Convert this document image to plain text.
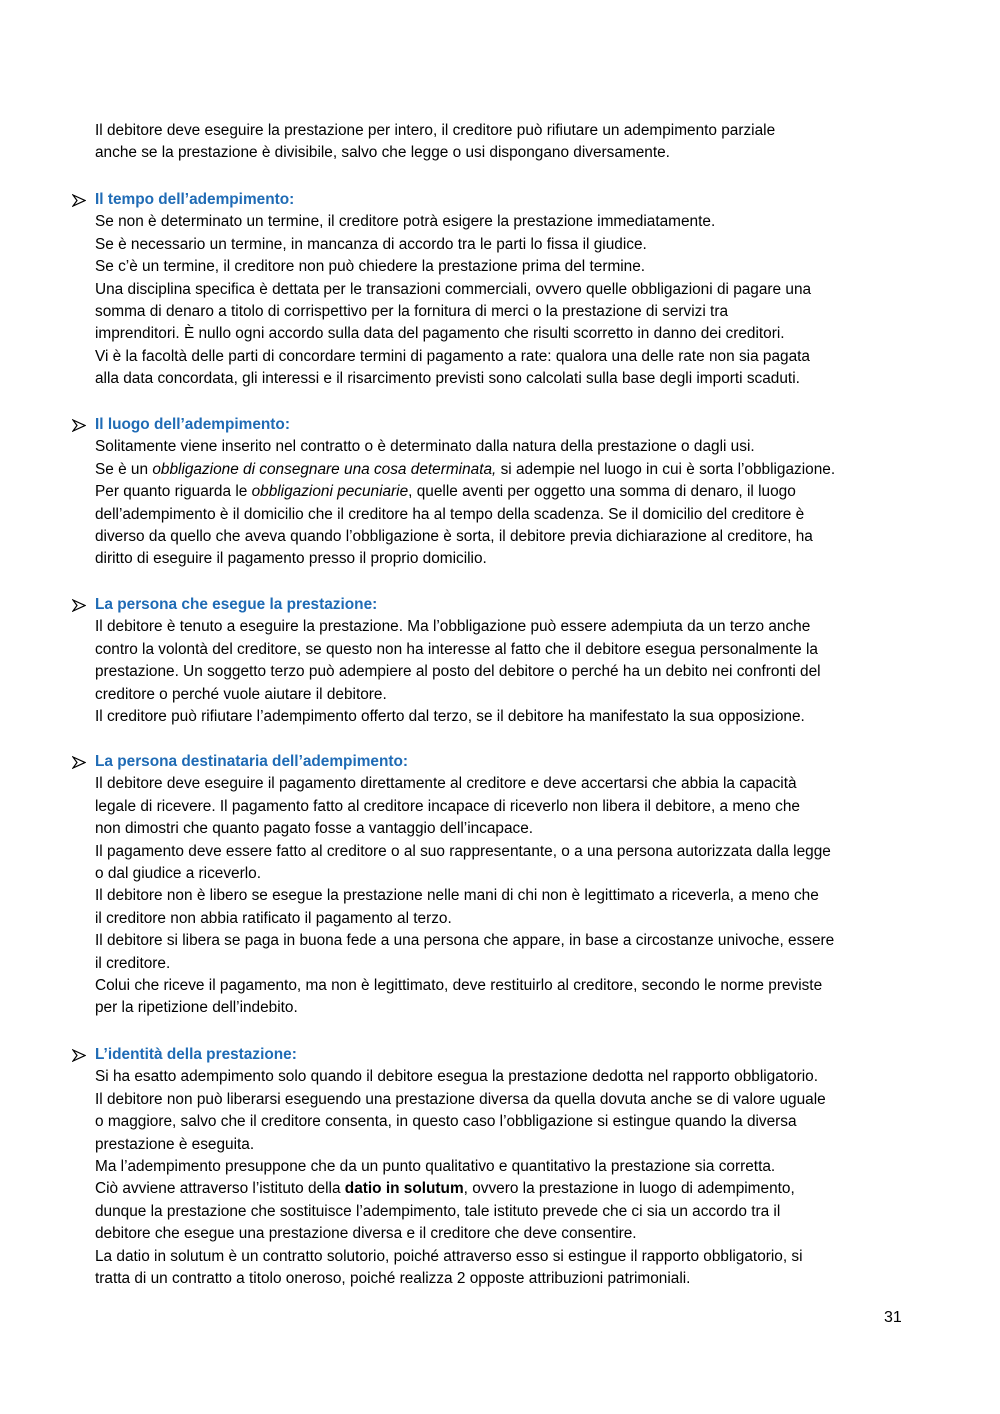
Il debitore deve eseguire la prestazione per intero, il creditore può rifiutare un adempimento parziale
anche se la prestazione è divisibile, salvo che legge o usi dispongano diversamente.
Il tempo dell’adempimento:
Se non è determinato un termine, il creditore potrà esigere la prestazione immediatamente.
Se è necessario un termine, in mancanza di accordo tra le parti lo fissa il giudice.
Se c’è un termine, il creditore non può chiedere la prestazione prima del termine.
Una disciplina specifica è dettata per le transazioni commerciali, ovvero quelle obbligazioni di pagare una
somma di denaro a titolo di corrispettivo per la fornitura di merci o la prestazione di servizi tra
imprenditori. È nullo ogni accordo sulla data del pagamento che risulti scorretto in danno dei creditori.
Vi è la facoltà delle parti di concordare termini di pagamento a rate: qualora una delle rate non sia pagata
alla data concordata, gli interessi e il risarcimento previsti sono calcolati sulla base degli importi scaduti.
Il luogo dell’adempimento:
Solitamente viene inserito nel contratto o è determinato dalla natura della prestazione o dagli usi.
Se è un obbligazione di consegnare una cosa determinata, si adempie nel luogo in cui è sorta l’obbligazione.
Per quanto riguarda le obbligazioni pecuniarie, quelle aventi per oggetto una somma di denaro, il luogo
dell’adempimento è il domicilio che il creditore ha al tempo della scadenza. Se il domicilio del creditore è
diverso da quello che aveva quando l’obbligazione è sorta, il debitore previa dichiarazione al creditore, ha
diritto di eseguire il pagamento presso il proprio domicilio.
La persona che esegue la prestazione:
Il debitore è tenuto a eseguire la prestazione. Ma l’obbligazione può essere adempiuta da un terzo anche
contro la volontà del creditore, se questo non ha interesse al fatto che il debitore esegua personalmente la
prestazione. Un soggetto terzo può adempiere al posto del debitore o perché ha un debito nei confronti del
creditore o perché vuole aiutare il debitore.
Il creditore può rifiutare l’adempimento offerto dal terzo, se il debitore ha manifestato la sua opposizione.
La persona destinataria dell’adempimento:
Il debitore deve eseguire il pagamento direttamente al creditore e deve accertarsi che abbia la capacità
legale di ricevere. Il pagamento fatto al creditore incapace di riceverlo non libera il debitore, a meno che
non dimostri che quanto pagato fosse a vantaggio dell’incapace.
Il pagamento deve essere fatto al creditore o al suo rappresentante, o a una persona autorizzata dalla legge
o dal giudice a riceverlo.
Il debitore non è libero se esegue la prestazione nelle mani di chi non è legittimato a riceverla, a meno che
il creditore non abbia ratificato il pagamento al terzo.
Il debitore si libera se paga in buona fede a una persona che appare, in base a circostanze univoche, essere
il creditore.
Colui che riceve il pagamento, ma non è legittimato, deve restituirlo al creditore, secondo le norme previste
per la ripetizione dell’indebito.
L’identità della prestazione:
Si ha esatto adempimento solo quando il debitore esegua la prestazione dedotta nel rapporto obbligatorio.
Il debitore non può liberarsi eseguendo una prestazione diversa da quella dovuta anche se di valore uguale
o maggiore, salvo che il creditore consenta, in questo caso l’obbligazione si estingue quando la diversa
prestazione è eseguita.
Ma l’adempimento presuppone che da un punto qualitativo e quantitativo la prestazione sia corretta.
Ciò avviene attraverso l’istituto della datio in solutum, ovvero la prestazione in luogo di adempimento,
dunque la prestazione che sostituisce l’adempimento, tale istituto prevede che ci sia un accordo tra il
debitore che esegue una prestazione diversa e il creditore che deve consentire.
La datio in solutum è un contratto solutorio, poiché attraverso esso si estingue il rapporto obbligatorio, si
tratta di un contratto a titolo oneroso, poiché realizza 2 opposte attribuzioni patrimoniali.
31
